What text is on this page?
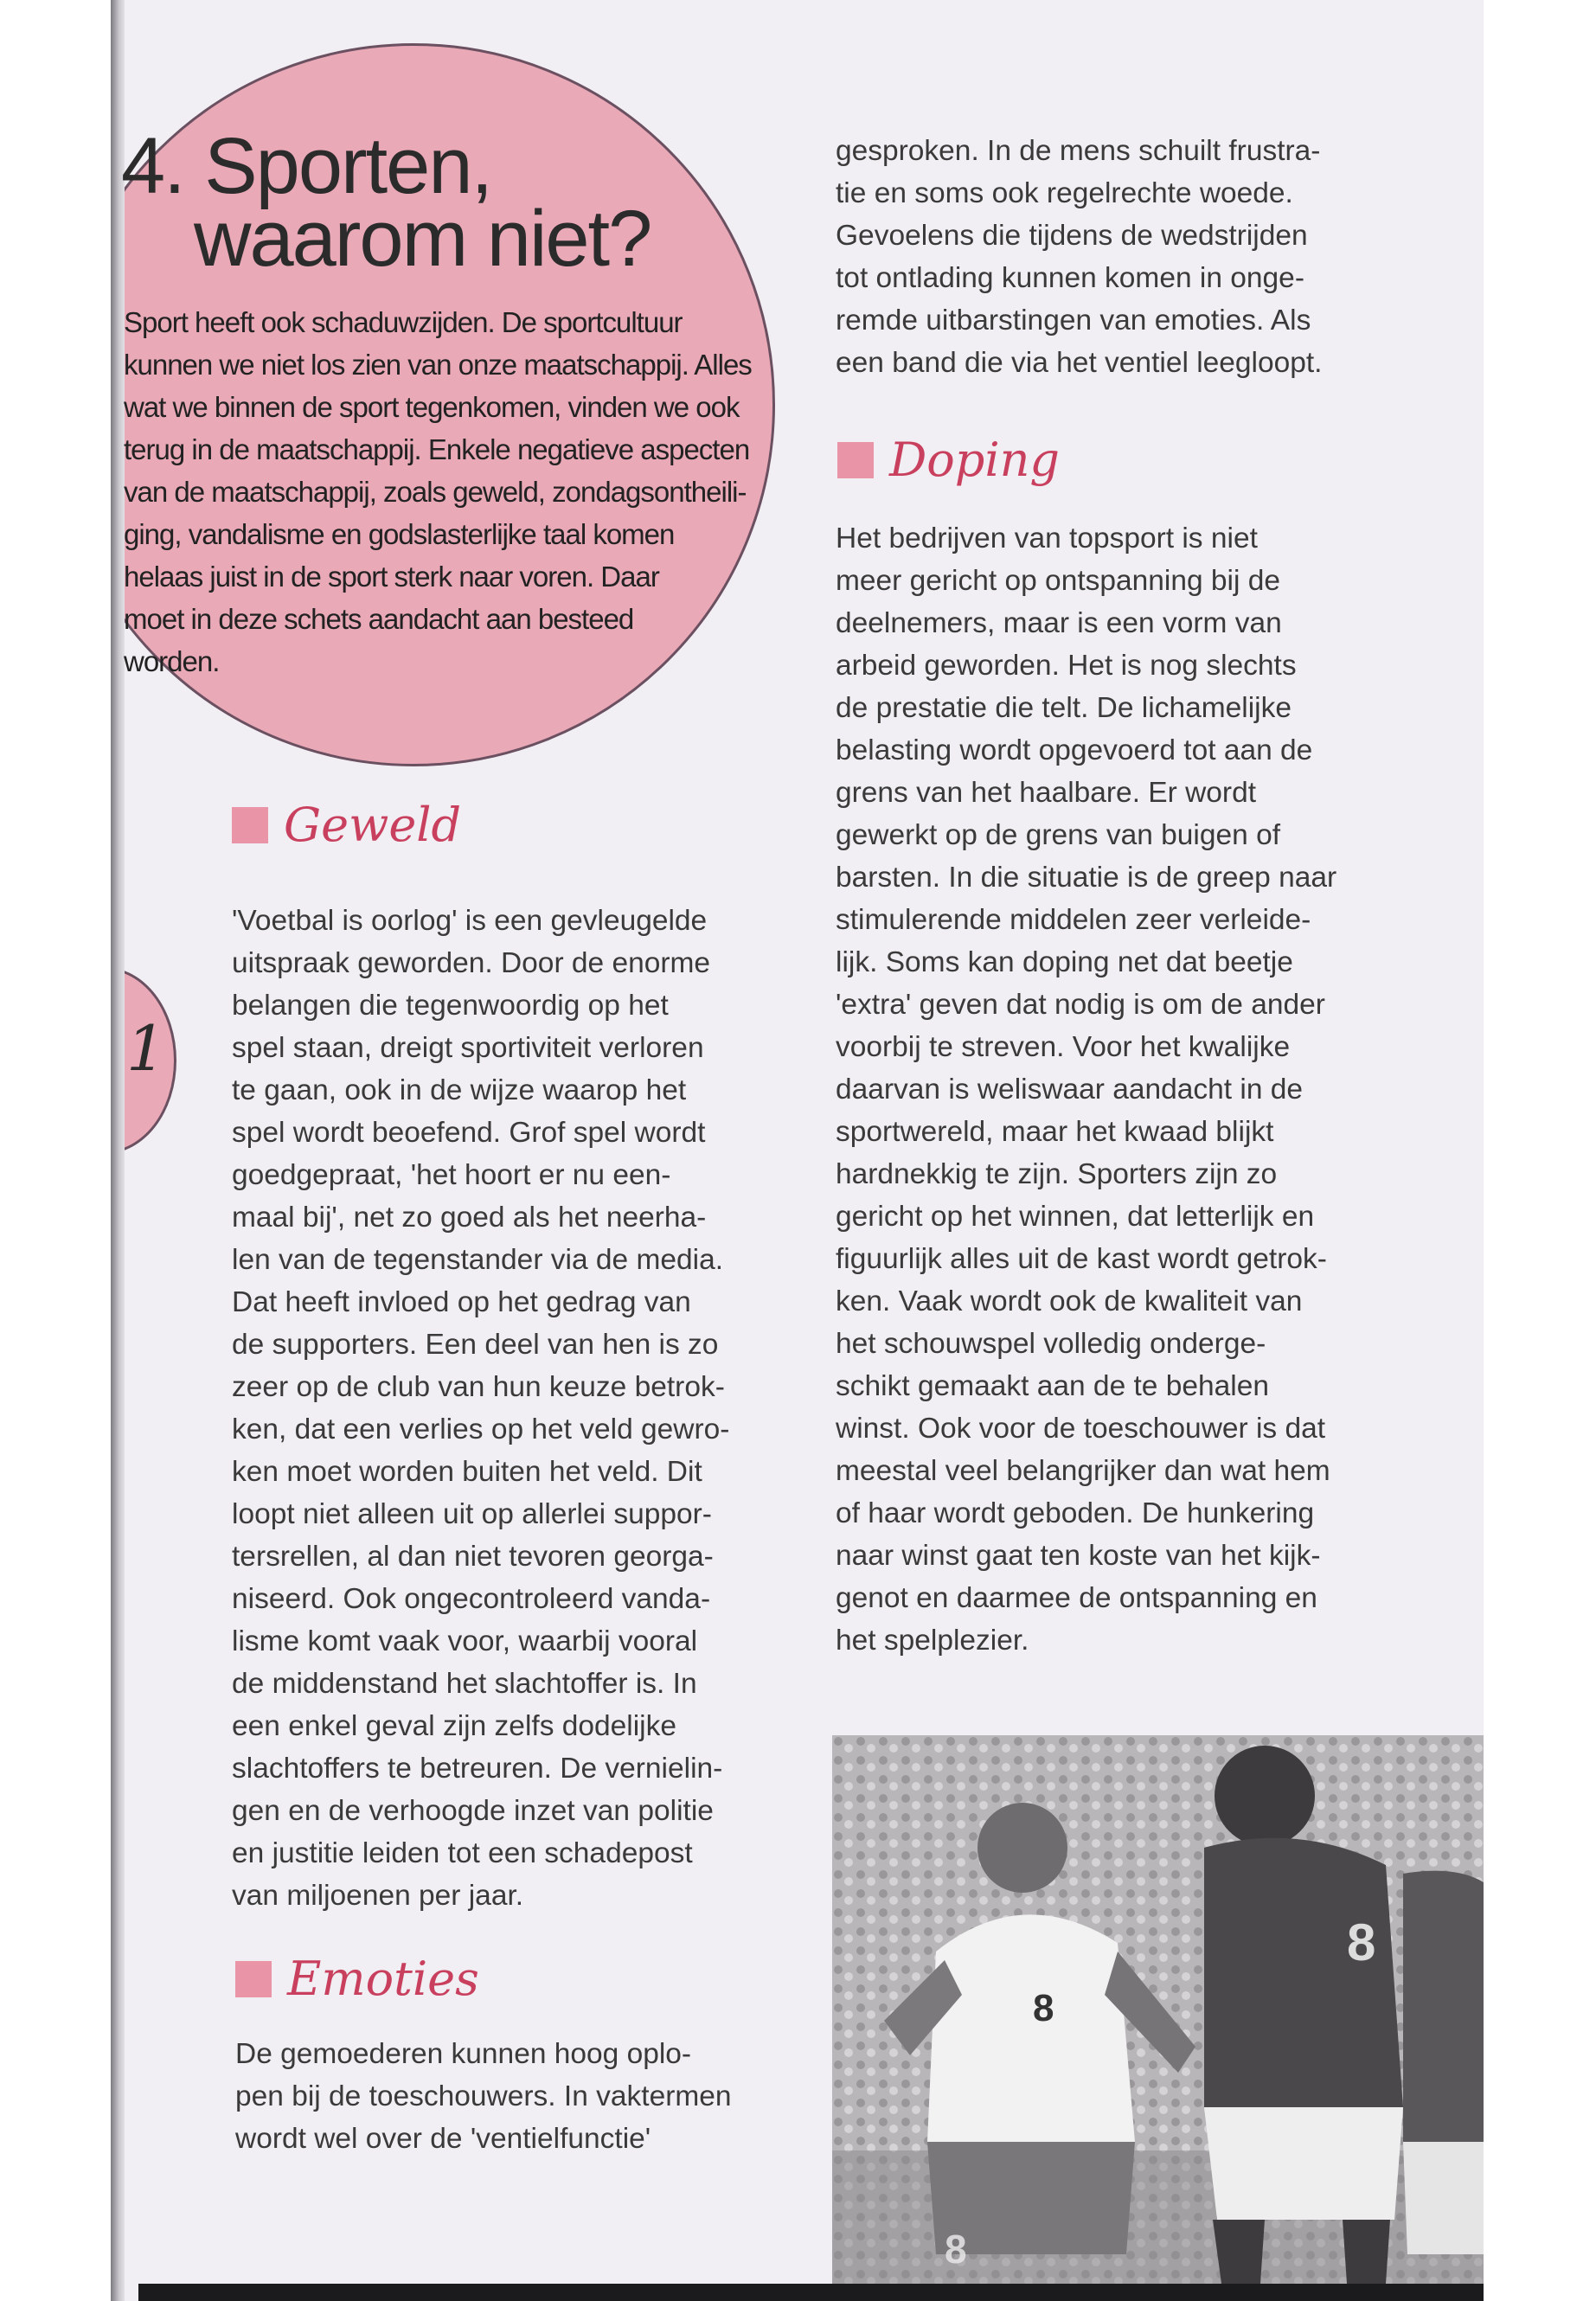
1
4. Sporten,
waarom niet?

Sport heeft ook schaduwzijden. De sportcultuur
kunnen we niet los zien van onze maatschappij. Alles
wat we binnen de sport tegenkomen, vinden we ook
terug in de maatschappij. Enkele negatieve aspecten
van de maatschappij, zoals geweld, zondagsontheili-
ging, vandalisme en godslasterlijke taal komen
helaas juist in de sport sterk naar voren. Daar
moet in deze schets aandacht aan besteed
worden.

Geweld

'Voetbal is oorlog' is een gevleugelde
uitspraak geworden. Door de enorme
belangen die tegenwoordig op het
spel staan, dreigt sportiviteit verloren
te gaan, ook in de wijze waarop het
spel wordt beoefend. Grof spel wordt
goedgepraat, 'het hoort er nu een-
maal bij', net zo goed als het neerha-
len van de tegenstander via de media.
Dat heeft invloed op het gedrag van
de supporters. Een deel van hen is zo
zeer op de club van hun keuze betrok-
ken, dat een verlies op het veld gewro-
ken moet worden buiten het veld. Dit
loopt niet alleen uit op allerlei suppor-
tersrellen, al dan niet tevoren georga-
niseerd. Ook ongecontroleerd vanda-
lisme komt vaak voor, waarbij vooral
de middenstand het slachtoffer is. In
een enkel geval zijn zelfs dodelijke
slachtoffers te betreuren. De vernielin-
gen en de verhoogde inzet van politie
en justitie leiden tot een schadepost
van miljoenen per jaar.

Emoties

De gemoederen kunnen hoog oplo-
pen bij de toeschouwers. In vaktermen
wordt wel over de 'ventielfunctie'

gesproken. In de mens schuilt frustra-
tie en soms ook regelrechte woede.
Gevoelens die tijdens de wedstrijden
tot ontlading kunnen komen in onge-
remde uitbarstingen van emoties. Als
een band die via het ventiel leegloopt.

Doping

Het bedrijven van topsport is niet
meer gericht op ontspanning bij de
deelnemers, maar is een vorm van
arbeid geworden. Het is nog slechts
de prestatie die telt. De lichamelijke
belasting wordt opgevoerd tot aan de
grens van het haalbare. Er wordt
gewerkt op de grens van buigen of
barsten. In die situatie is de greep naar
stimulerende middelen zeer verleide-
lijk. Soms kan doping net dat beetje
'extra' geven dat nodig is om de ander
voorbij te streven. Voor het kwalijke
daarvan is weliswaar aandacht in de
sportwereld, maar het kwaad blijkt
hardnekkig te zijn. Sporters zijn zo
gericht op het winnen, dat letterlijk en
figuurlijk alles uit de kast wordt getrok-
ken. Vaak wordt ook de kwaliteit van
het schouwspel volledig onderge-
schikt gemaakt aan de te behalen
winst. Ook voor de toeschouwer is dat
meestal veel belangrijker dan wat hem
of haar wordt geboden. De hunkering
naar winst gaat ten koste van het kijk-
genot en daarmee de ontspanning en
het spelplezier.

8
8
8
